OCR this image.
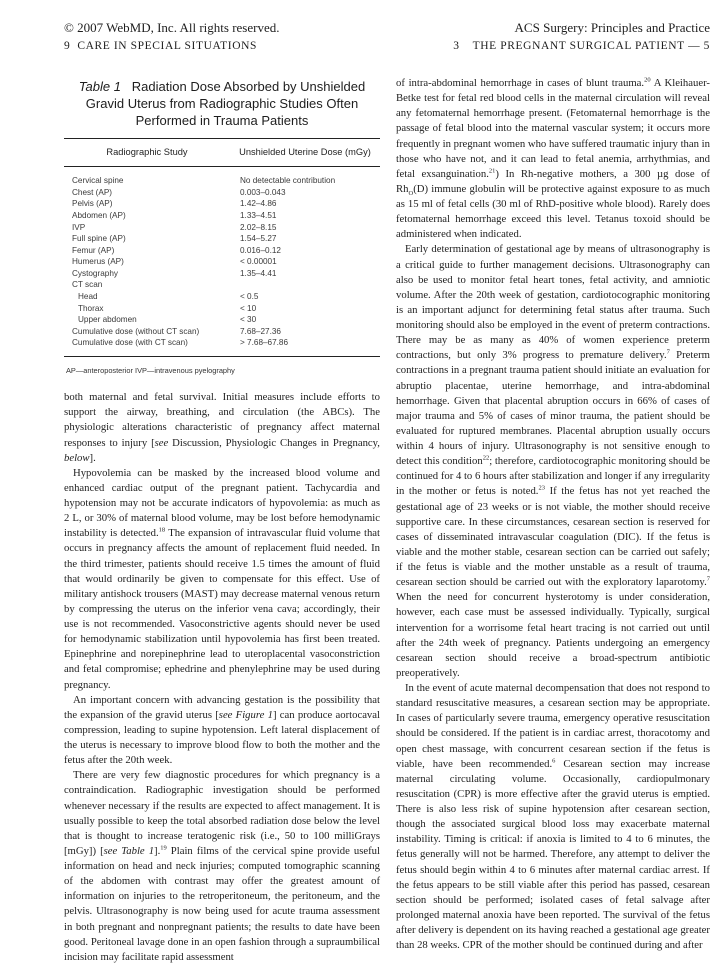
© 2007 WebMD, Inc. All rights reserved.	ACS Surgery: Principles and Practice
9 CARE IN SPECIAL SITUATIONS	3 THE PREGNANT SURGICAL PATIENT — 5
Table 1 Radiation Dose Absorbed by Unshielded Gravid Uterus from Radiographic Studies Often Performed in Trauma Patients
Radiographic Study	Unshielded Uterine Dose (mGy)
Cervical spine	No detectable contribution
Chest (AP)	0.003–0.043
Pelvis (AP)	1.42–4.86
Abdomen (AP)	1.33–4.51
IVP	2.02–8.15
Full spine (AP)	1.54–5.27
Femur (AP)	0.016–0.12
Humerus (AP)	< 0.00001
Cystography	1.35–4.41
CT scan	
Head	< 0.5
Thorax	< 10
Upper abdomen	< 30
Cumulative dose (without CT scan)	7.68–27.36
Cumulative dose (with CT scan)	> 7.68–67.86
AP—anteroposterior IVP—intravenous pyelography

both maternal and fetal survival. Initial measures include efforts to support the airway, breathing, and circulation (the ABCs). The physiologic alterations characteristic of pregnancy affect maternal responses to injury [see Discussion, Physiologic Changes in Pregnancy, below].

Hypovolemia can be masked by the increased blood volume and enhanced cardiac output of the pregnant patient. Tachycardia and hypotension may not be accurate indicators of hypovolemia: as much as 2 L, or 30% of maternal blood volume, may be lost before hemodynamic instability is detected.$^{18}$ The expansion of intravascular fluid volume that occurs in pregnancy affects the amount of replacement fluid needed. In the third trimester, patients should receive 1.5 times the amount of fluid that would ordinarily be given to compensate for this effect. Use of military antishock trousers (MAST) may decrease maternal venous return by compressing the uterus on the inferior vena cava; accordingly, their use is not recommended. Vasoconstrictive agents should never be used for hemodynamic stabilization until hypovolemia has first been treated. Epinephrine and norepinephrine lead to uteroplacental vasoconstriction and fetal compromise; ephedrine and phenylephrine may be used during pregnancy.

An important concern with advancing gestation is the possibility that the expansion of the gravid uterus [see Figure 1] can produce aortocaval compression, leading to supine hypotension. Left lateral displacement of the uterus is necessary to improve blood flow to both the mother and the fetus after the 20th week.

There are very few diagnostic procedures for which pregnancy is a contraindication. Radiographic investigation should be performed whenever necessary if the results are expected to affect management. It is usually possible to keep the total absorbed radiation dose below the level that is thought to increase teratogenic risk (i.e., 50 to 100 milliGrays [mGy]) [see Table 1].$^{19}$ Plain films of the cervical spine provide useful information on head and neck injuries; computed tomographic scanning of the abdomen with contrast may offer the greatest amount of information on injuries to the retroperitoneum, the peritoneum, and the pelvis. Ultrasonography is now being used for acute trauma assessment in both pregnant and nonpregnant patients; the results to date have been good. Peritoneal lavage done in an open fashion through a supraumbilical incision may facilitate rapid assessment

of intra-abdominal hemorrhage in cases of blunt trauma.$^{20}$ A Kleihauer-Betke test for fetal red blood cells in the maternal circulation will reveal any fetomaternal hemorrhage present. (Fetomaternal hemorrhage is the passage of fetal blood into the maternal vascular system; it occurs more frequently in pregnant women who have suffered traumatic injury than in those who have not, and it can lead to fetal anemia, arrhythmias, and fetal exsanguination.$^{21}$) In Rh-negative mothers, a 300 µg dose of $Rh_O(D)$ immune globulin will be protective against exposure to as much as 15 ml of fetal cells (30 ml of RhD-positive whole blood). Rarely does fetomaternal hemorrhage exceed this level. Tetanus toxoid should be administered when indicated.

Early determination of gestational age by means of ultrasonography is a critical guide to further management decisions. Ultrasonography can also be used to monitor fetal heart tones, fetal activity, and amniotic volume. After the 20th week of gestation, cardiotocographic monitoring is an important adjunct for determining fetal status after trauma. Such monitoring should also be employed in the event of preterm contractions. There may be as many as 40% of women experience preterm contractions, but only 3% progress to premature delivery.$^7$ Preterm contractions in a pregnant trauma patient should initiate an evaluation for abruptio placentae, uterine hemorrhage, and intra-abdominal hemorrhage. Given that placental abruption occurs in 66% of cases of major trauma and 5% of cases of minor trauma, the patient should be evaluated for ruptured membranes. Placental abruption usually occurs within 4 hours of injury. Ultrasonography is not sensitive enough to detect this condition$^{22}$; therefore, cardiotocographic monitoring should be continued for 4 to 6 hours after stabilization and longer if any irregularity in the mother or fetus is noted.$^{23}$ If the fetus has not yet reached the gestational age of 23 weeks or is not viable, the mother should receive supportive care. In these circumstances, cesarean section is reserved for cases of disseminated intravascular coagulation (DIC). If the fetus is viable and the mother stable, cesarean section can be carried out safely; if the fetus is viable and the mother unstable as a result of trauma, cesarean section should be carried out with the exploratory laparotomy.$^7$ When the need for concurrent hysterotomy is under consideration, however, each case must be assessed individually. Typically, surgical intervention for a worrisome fetal heart tracing is not carried out until after the 24th week of pregnancy. Patients undergoing an emergency cesarean section should receive a broad-spectrum antibiotic preoperatively.

In the event of acute maternal decompensation that does not respond to standard resuscitative measures, a cesarean section may be appropriate. In cases of particularly severe trauma, emergency operative resuscitation should be considered. If the patient is in cardiac arrest, thoracotomy and open chest massage, with concurrent cesarean section if the fetus is viable, have been recommended.$^6$ Cesarean section may increase maternal circulating volume. Occasionally, cardiopulmonary resuscitation (CPR) is more effective after the gravid uterus is emptied. There is also less risk of supine hypotension after cesarean section, though the associated surgical blood loss may exacerbate maternal instability. Timing is critical: if anoxia is limited to 4 to 6 minutes, the fetus generally will not be harmed. Therefore, any attempt to deliver the fetus should begin within 4 to 6 minutes after maternal cardiac arrest. If the fetus appears to be still viable after this period has passed, cesarean section should be performed; isolated cases of fetal salvage after prolonged maternal anoxia have been reported. The survival of the fetus after delivery is dependent on its having reached a gestational age greater than 28 weeks. CPR of the mother should be continued during and after
